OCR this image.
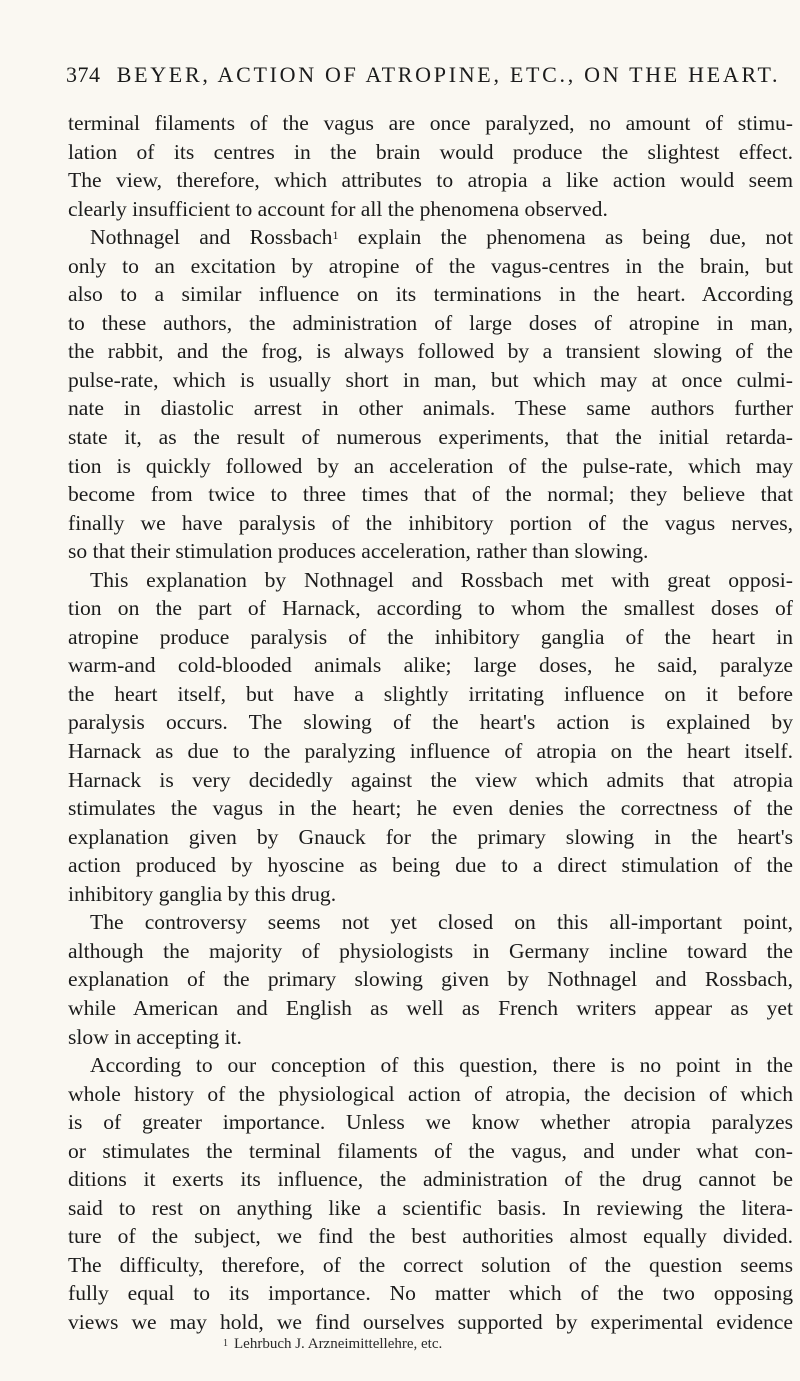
374 BEYER, ACTION OF ATROPINE, ETC., ON THE HEART.
terminal filaments of the vagus are once paralyzed, no amount of stimu-
lation of its centres in the brain would produce the slightest effect.
The view, therefore, which attributes to atropia a like action would seem
clearly insufficient to account for all the phenomena observed.
Nothnagel and Rossbach$^1$ explain the phenomena as being due, not
only to an excitation by atropine of the vagus-centres in the brain, but
also to a similar influence on its terminations in the heart. According
to these authors, the administration of large doses of atropine in man,
the rabbit, and the frog, is always followed by a transient slowing of the
pulse-rate, which is usually short in man, but which may at once culmi-
nate in diastolic arrest in other animals. These same authors further
state it, as the result of numerous experiments, that the initial retarda-
tion is quickly followed by an acceleration of the pulse-rate, which may
become from twice to three times that of the normal; they believe that
finally we have paralysis of the inhibitory portion of the vagus nerves,
so that their stimulation produces acceleration, rather than slowing.
This explanation by Nothnagel and Rossbach met with great opposi-
tion on the part of Harnack, according to whom the smallest doses of
atropine produce paralysis of the inhibitory ganglia of the heart in
warm-and cold-blooded animals alike; large doses, he said, paralyze
the heart itself, but have a slightly irritating influence on it before
paralysis occurs. The slowing of the heart's action is explained by
Harnack as due to the paralyzing influence of atropia on the heart itself.
Harnack is very decidedly against the view which admits that atropia
stimulates the vagus in the heart; he even denies the correctness of the
explanation given by Gnauck for the primary slowing in the heart's
action produced by hyoscine as being due to a direct stimulation of the
inhibitory ganglia by this drug.
The controversy seems not yet closed on this all-important point,
although the majority of physiologists in Germany incline toward the
explanation of the primary slowing given by Nothnagel and Rossbach,
while American and English as well as French writers appear as yet
slow in accepting it.
According to our conception of this question, there is no point in the
whole history of the physiological action of atropia, the decision of which
is of greater importance. Unless we know whether atropia paralyzes
or stimulates the terminal filaments of the vagus, and under what con-
ditions it exerts its influence, the administration of the drug cannot be
said to rest on anything like a scientific basis. In reviewing the litera-
ture of the subject, we find the best authorities almost equally divided.
The difficulty, therefore, of the correct solution of the question seems
fully equal to its importance. No matter which of the two opposing
views we may hold, we find ourselves supported by experimental evidence
$^1$ Lehrbuch J. Arzneimittellehre, etc.
